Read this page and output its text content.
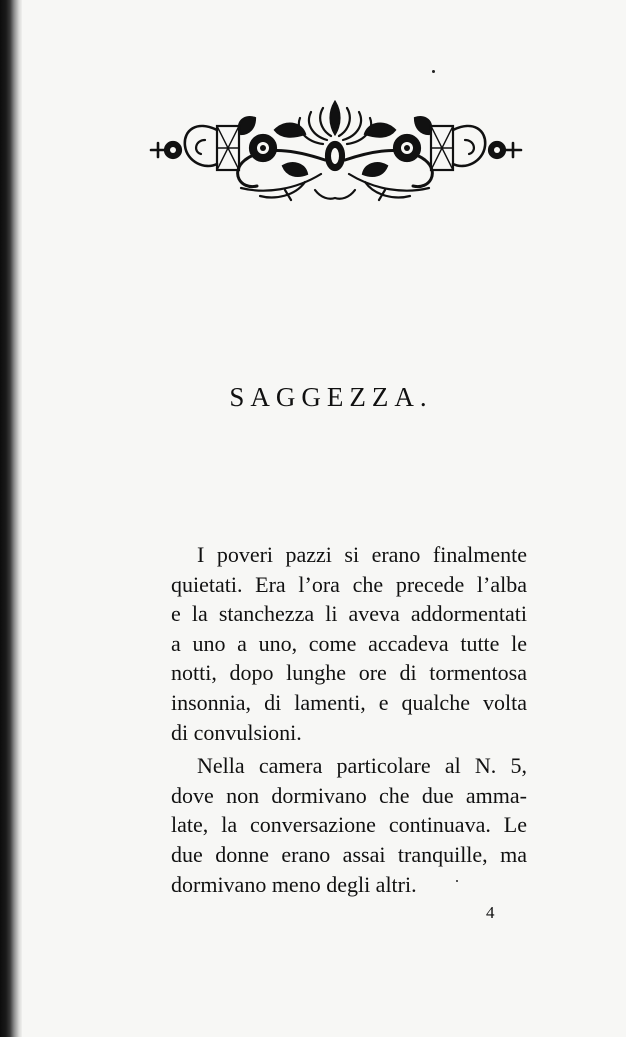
SAGGEZZA.
I poveri pazzi si erano finalmente
quietati. Era l’ora che precede l’alba
e la stanchezza li aveva addormentati
a uno a uno, come accadeva tutte le
notti, dopo lunghe ore di tormentosa
insonnia, di lamenti, e qualche volta
di convulsioni.
Nella camera particolare al N. 5,
dove non dormivano che due amma-
late, la conversazione continuava. Le
due donne erano assai tranquille, ma
dormivano meno degli altri.
4
